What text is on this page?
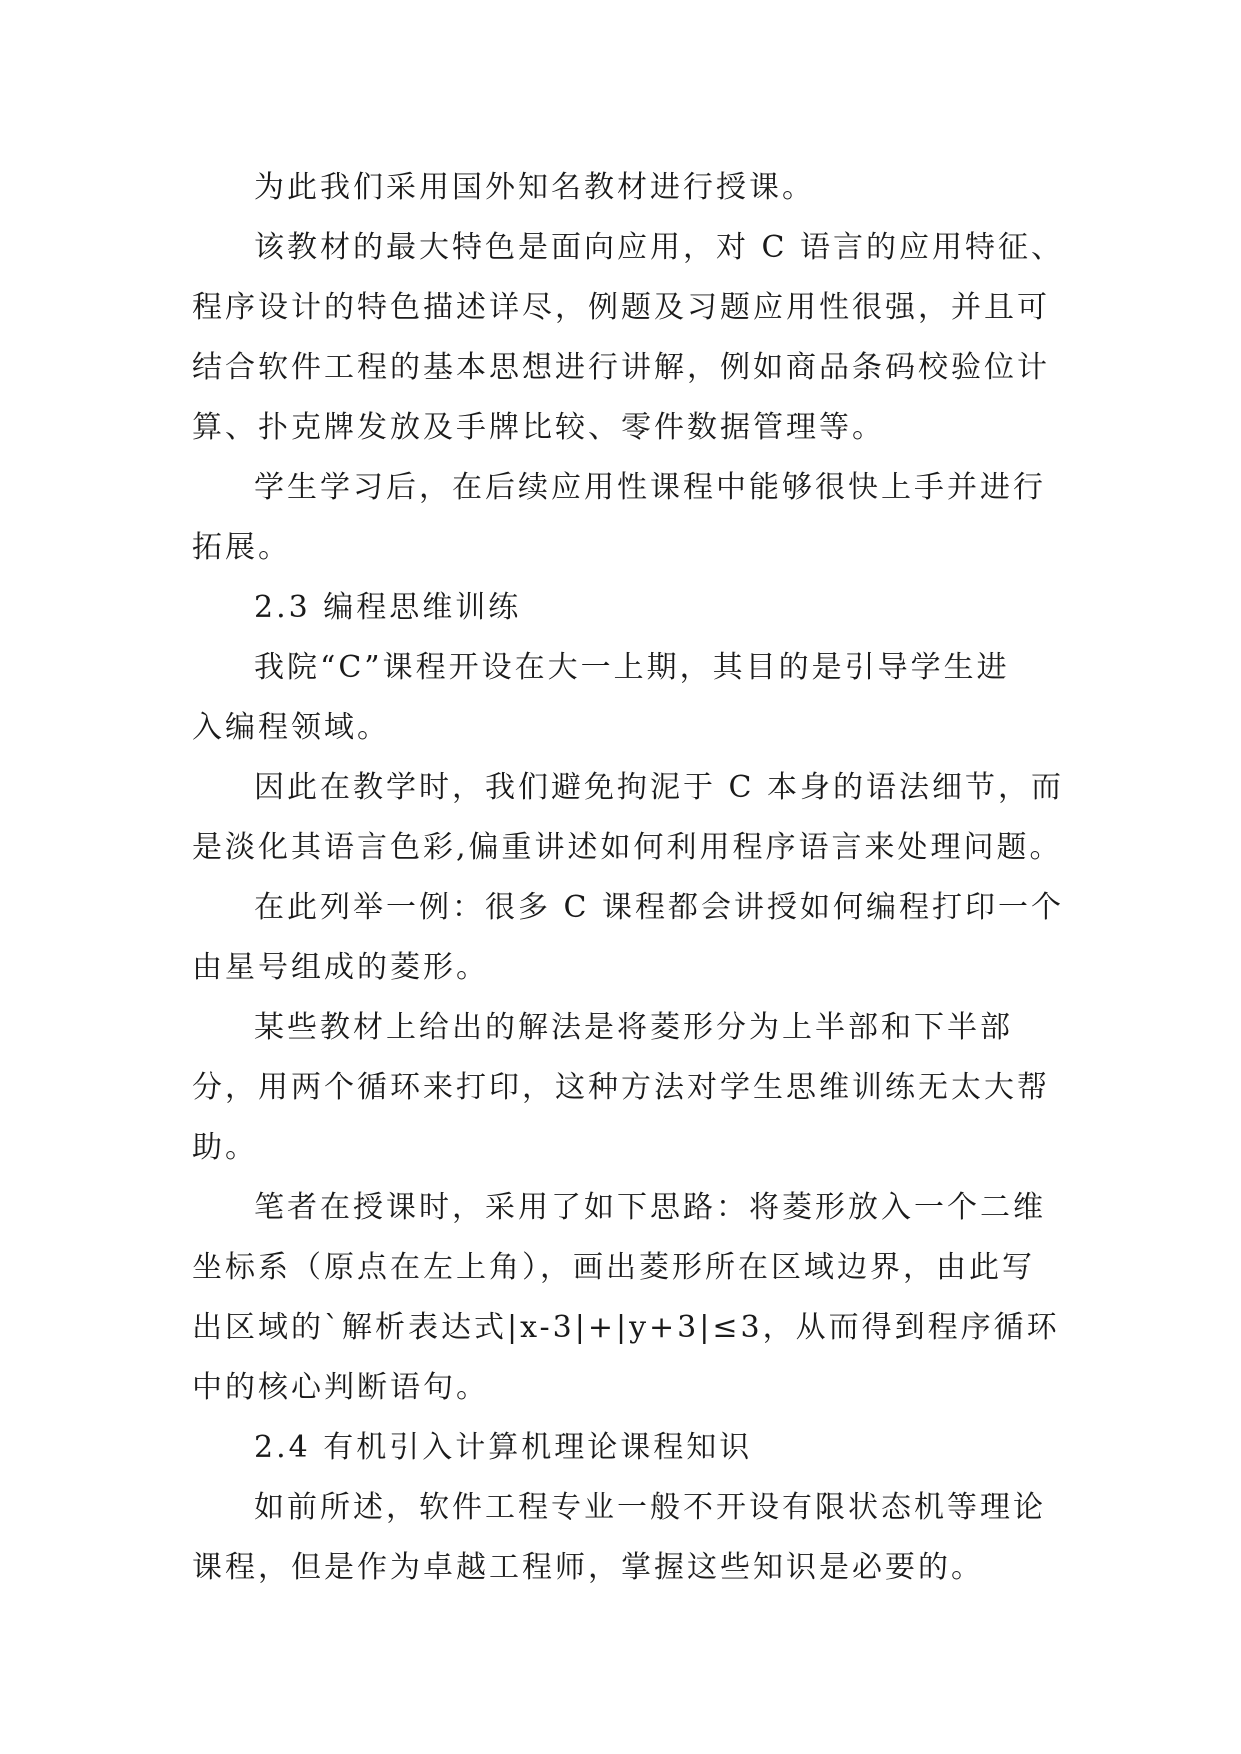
为此我们采用国外知名教材进行授课。
该教材的最大特色是面向应用，对 C 语言的应用特征、
程序设计的特色描述详尽，例题及习题应用性很强，并且可
结合软件工程的基本思想进行讲解，例如商品条码校验位计
算、扑克牌发放及手牌比较、零件数据管理等。
学生学习后，在后续应用性课程中能够很快上手并进行
拓展。
2.3 编程思维训练
我院“C”课程开设在大一上期，其目的是引导学生进
入编程领域。
因此在教学时，我们避免拘泥于 C 本身的语法细节，而
是淡化其语言色彩,偏重讲述如何利用程序语言来处理问题。
在此列举一例：很多 C 课程都会讲授如何编程打印一个
由星号组成的菱形。
某些教材上给出的解法是将菱形分为上半部和下半部
分，用两个循环来打印，这种方法对学生思维训练无太大帮
助。
笔者在授课时，采用了如下思路：将菱形放入一个二维
坐标系（原点在左上角），画出菱形所在区域边界，由此写
出区域的`解析表达式|x-3|+|y+3|≤3，从而得到程序循环
中的核心判断语句。
2.4 有机引入计算机理论课程知识
如前所述，软件工程专业一般不开设有限状态机等理论
课程，但是作为卓越工程师，掌握这些知识是必要的。
